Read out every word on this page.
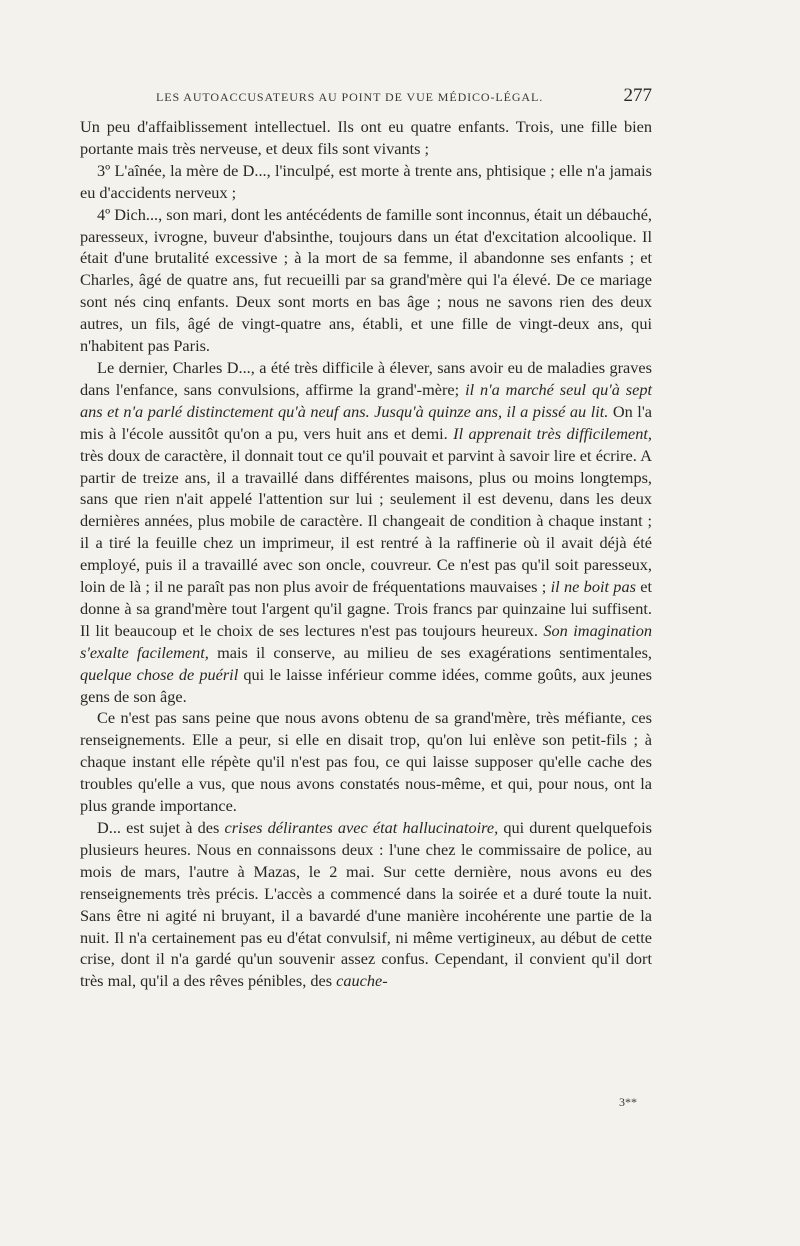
LES AUTOACCUSATEURS AU POINT DE VUE MÉDICO-LÉGAL.	277

Un peu d'affaiblissement intellectuel. Ils ont eu quatre enfants. Trois, une fille bien portante mais très nerveuse, et deux fils sont vivants ;

3º L'aînée, la mère de D..., l'inculpé, est morte à trente ans, phtisique ; elle n'a jamais eu d'accidents nerveux ;

4º Dich..., son mari, dont les antécédents de famille sont inconnus, était un débauché, paresseux, ivrogne, buveur d'absinthe, toujours dans un état d'excitation alcoolique. Il était d'une brutalité excessive ; à la mort de sa femme, il abandonne ses enfants ; et Charles, âgé de quatre ans, fut recueilli par sa grand'mère qui l'a élevé. De ce mariage sont nés cinq enfants. Deux sont morts en bas âge ; nous ne savons rien des deux autres, un fils, âgé de vingt-quatre ans, établi, et une fille de vingt-deux ans, qui n'habitent pas Paris.

Le dernier, Charles D..., a été très difficile à élever, sans avoir eu de maladies graves dans l'enfance, sans convulsions, affirme la grand'-mère; il n'a marché seul qu'à sept ans et n'a parlé distinctement qu'à neuf ans. Jusqu'à quinze ans, il a pissé au lit. On l'a mis à l'école aussitôt qu'on a pu, vers huit ans et demi. Il apprenait très difficilement, très doux de caractère, il donnait tout ce qu'il pouvait et parvint à savoir lire et écrire. A partir de treize ans, il a travaillé dans différentes maisons, plus ou moins longtemps, sans que rien n'ait appelé l'attention sur lui ; seulement il est devenu, dans les deux dernières années, plus mobile de caractère. Il changeait de condition à chaque instant ; il a tiré la feuille chez un imprimeur, il est rentré à la raffinerie où il avait déjà été employé, puis il a travaillé avec son oncle, couvreur. Ce n'est pas qu'il soit paresseux, loin de là ; il ne paraît pas non plus avoir de fréquentations mauvaises ; il ne boit pas et donne à sa grand'mère tout l'argent qu'il gagne. Trois francs par quinzaine lui suffisent. Il lit beaucoup et le choix de ses lectures n'est pas toujours heureux. Son imagination s'exalte facilement, mais il conserve, au milieu de ses exagérations sentimentales, quelque chose de puéril qui le laisse inférieur comme idées, comme goûts, aux jeunes gens de son âge.

Ce n'est pas sans peine que nous avons obtenu de sa grand'mère, très méfiante, ces renseignements. Elle a peur, si elle en disait trop, qu'on lui enlève son petit-fils ; à chaque instant elle répète qu'il n'est pas fou, ce qui laisse supposer qu'elle cache des troubles qu'elle a vus, que nous avons constatés nous-même, et qui, pour nous, ont la plus grande importance.

D... est sujet à des crises délirantes avec état hallucinatoire, qui durent quelquefois plusieurs heures. Nous en connaissons deux : l'une chez le commissaire de police, au mois de mars, l'autre à Mazas, le 2 mai. Sur cette dernière, nous avons eu des renseignements très précis. L'accès a commencé dans la soirée et a duré toute la nuit. Sans être ni agité ni bruyant, il a bavardé d'une manière incohérente une partie de la nuit. Il n'a certainement pas eu d'état convulsif, ni même vertigineux, au début de cette crise, dont il n'a gardé qu'un souvenir assez confus. Cependant, il convient qu'il dort très mal, qu'il a des rêves pénibles, des cauche-

3**
